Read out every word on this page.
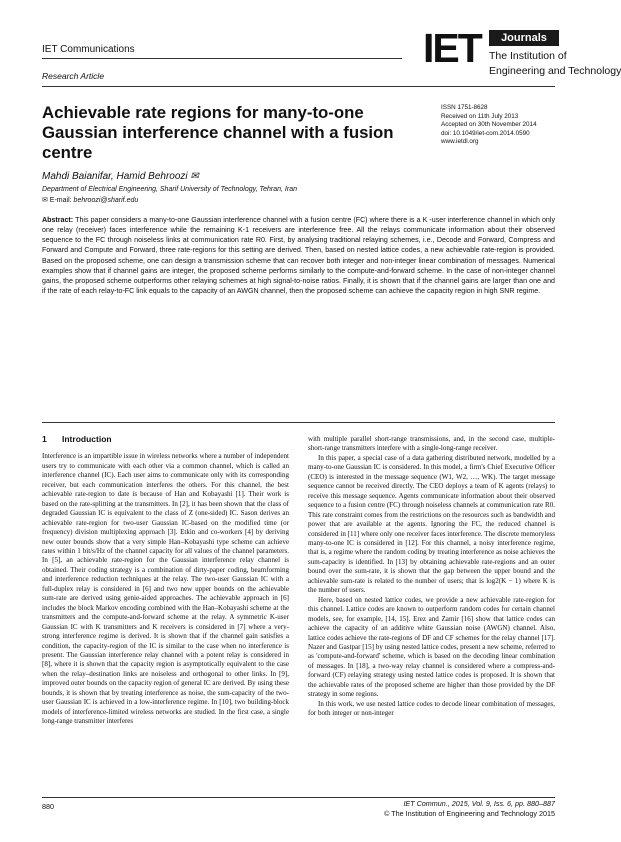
IET Communications
Research Article
IET	Journals
The Institution of
Engineering and Technology
Achievable rate regions for many-to-one Gaussian interference channel with a fusion centre
ISSN 1751-8628
Received on 11th July 2013
Accepted on 30th November 2014
doi: 10.1049/iet-com.2014.0590
www.ietdl.org
Mahdi Baianifar, Hamid Behroozi ✉
Department of Electrical Engineering, Sharif University of Technology, Tehran, Iran
✉ E-mail: behroozi@sharif.edu
Abstract: This paper considers a many-to-one Gaussian interference channel with a fusion centre (FC) where there is a K -user interference channel in which only one relay (receiver) faces interference while the remaining K-1 receivers are interference free. All the relays communicate information about their observed sequence to the FC through noiseless links at communication rate R0. First, by analysing traditional relaying schemes, i.e., Decode and Forward, Compress and Forward and Compute and Forward, three rate-regions for this setting are derived. Then, based on nested lattice codes, a new achievable rate-region is provided. Based on the proposed scheme, one can design a transmission scheme that can recover both integer and non-integer linear combination of messages. Numerical examples show that if channel gains are integer, the proposed scheme performs similarly to the compute-and-forward scheme. In the case of non-integer channel gains, the proposed scheme outperforms other relaying schemes at high signal-to-noise ratios. Finally, it is shown that if the channel gains are larger than one and if the rate of each relay-to-FC link equals to the capacity of an AWGN channel, then the proposed scheme can achieve the capacity region in high SNR regime.

1 Introduction

Interference is an impartible issue in wireless networks where a number of independent users try to communicate with each other via a common channel, which is called an interference channel (IC). Each user aims to communicate only with its corresponding receiver, but each communication interferes the others. For this channel, the best achievable rate-region to date is because of Han and Kobayashi [1]. Their work is based on the rate-splitting at the transmitters. In [2], it has been shown that the class of degraded Gaussian IC is equivalent to the class of Z (one-sided) IC. Sason derives an achievable rate-region for two-user Gaussian IC-based on the modified time (or frequency) division multiplexing approach [3]. Etkin and co-workers [4] by deriving new outer bounds show that a very simple Han–Kobayashi type scheme can achieve rates within 1 bit/s/Hz of the channel capacity for all values of the channel parameters. In [5], an achievable rate-region for the Gaussian interference relay channel is obtained. Their coding strategy is a combination of dirty-paper coding, beamforming and interference reduction techniques at the relay. The two-user Gaussian IC with a full-duplex relay is considered in [6] and two new upper bounds on the achievable sum-rate are derived using genie-aided approaches. The achievable approach in [6] includes the block Markov encoding combined with the Han–Kobayashi scheme at the transmitters and the compute-and-forward scheme at the relay. A symmetric K-user Gaussian IC with K transmitters and K receivers is considered in [7] where a very-strong interference regime is derived. It is shown that if the channel gain satisfies a condition, the capacity-region of the IC is similar to the case when no interference is present. The Gaussian interference relay channel with a potent relay is considered in [8], where it is shown that the capacity region is asymptotically equivalent to the case when the relay–destination links are noiseless and orthogonal to other links. In [9], improved outer bounds on the capacity region of general IC are derived. By using these bounds, it is shown that by treating interference as noise, the sum-capacity of the two-user Gaussian IC is achieved in a low-interference regime. In [10], two building-block models of interference-limited wireless networks are studied. In the first case, a single long-range transmitter interferes

with multiple parallel short-range transmissions, and, in the second case, multiple-short-range transmitters interfere with a single-long-range receiver.

In this paper, a special case of a data gathering distributed network, modelled by a many-to-one Gaussian IC is considered. In this model, a firm's Chief Executive Officer (CEO) is interested in the message sequence (W1, W2, …, WK). The target message sequence cannot be received directly. The CEO deploys a team of K agents (relays) to receive this message sequence. Agents communicate information about their observed sequence to a fusion centre (FC) through noiseless channels at communication rate R0. This rate constraint comes from the restrictions on the resources such as bandwidth and power that are available at the agents. Ignoring the FC, the reduced channel is considered in [11] where only one receiver faces interference. The discrete memoryless many-to-one IC is considered in [12]. For this channel, a noisy interference regime, that is, a regime where the random coding by treating interference as noise achieves the sum-capacity is identified. In [13] by obtaining achievable rate-regions and an outer bound over the sum-rate, it is shown that the gap between the upper bound and the achievable sum-rate is related to the number of users; that is log2(K − 1) where K is the number of users.

Here, based on nested lattice codes, we provide a new achievable rate-region for this channel. Lattice codes are known to outperform random codes for certain channel models, see, for example, [14, 15]. Erez and Zamir [16] show that lattice codes can achieve the capacity of an additive white Gaussian noise (AWGN) channel. Also, lattice codes achieve the rate-regions of DF and CF schemes for the relay channel [17]. Nazer and Gastpar [15] by using nested lattice codes, present a new scheme, referred to as 'compute-and-forward' scheme, which is based on the decoding linear combination of messages. In [18], a two-way relay channel is considered where a compress-and-forward (CF) relaying strategy using nested lattice codes is proposed. It is shown that the achievable rates of the proposed scheme are higher than those provided by the DF strategy in some regions.

In this work, we use nested lattice codes to decode linear combination of messages, for both integer or non-integer

880	IET Commun., 2015, Vol. 9, Iss. 6, pp. 880–887
© The Institution of Engineering and Technology 2015
